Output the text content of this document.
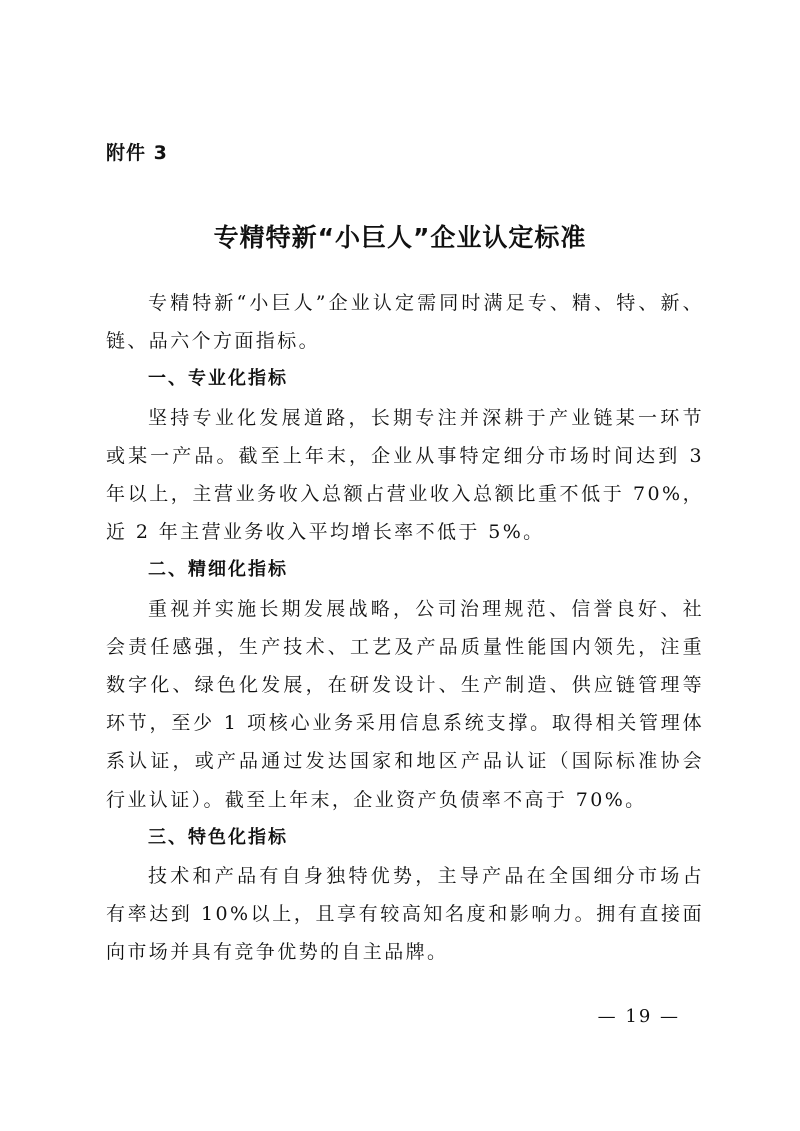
附件 3
专精特新“小巨人”企业认定标准

专精特新“小巨人”企业认定需同时满足专、精、特、新、链、品六个方面指标。

一、专业化指标

坚持专业化发展道路，长期专注并深耕于产业链某一环节或某一产品。截至上年末，企业从事特定细分市场时间达到 3 年以上，主营业务收入总额占营业收入总额比重不低于 70%，近 2 年主营业务收入平均增长率不低于 5%。

二、精细化指标

重视并实施长期发展战略，公司治理规范、信誉良好、社会责任感强，生产技术、工艺及产品质量性能国内领先，注重数字化、绿色化发展，在研发设计、生产制造、供应链管理等环节，至少 1 项核心业务采用信息系统支撑。取得相关管理体系认证，或产品通过发达国家和地区产品认证（国际标准协会行业认证）。截至上年末，企业资产负债率不高于 70%。

三、特色化指标

技术和产品有自身独特优势，主导产品在全国细分市场占有率达到 10%以上，且享有较高知名度和影响力。拥有直接面向市场并具有竞争优势的自主品牌。

— 19 —
